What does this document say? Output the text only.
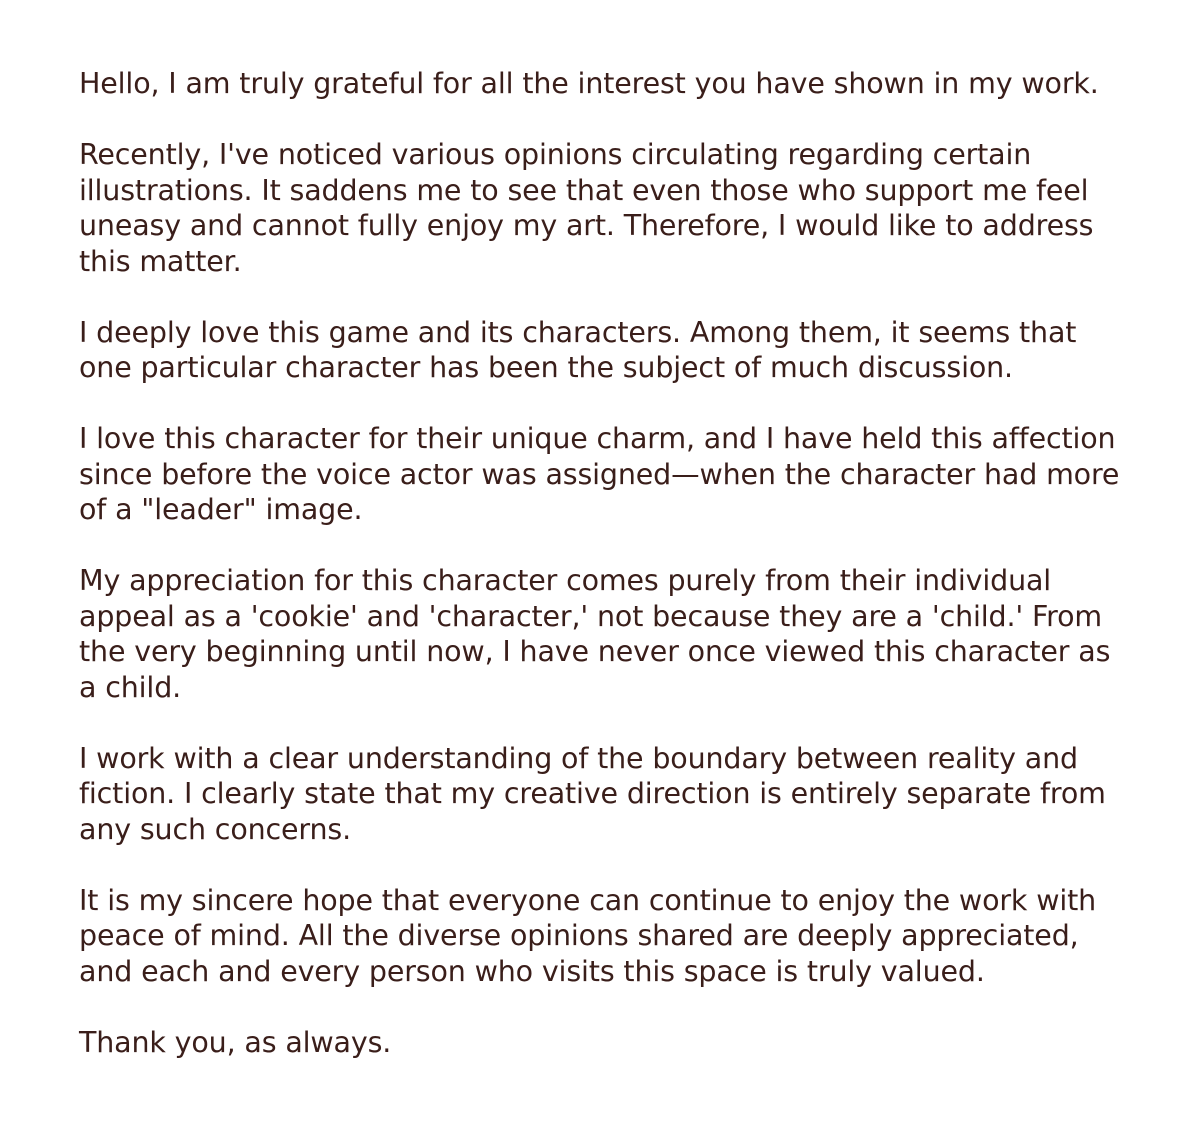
Hello, I am truly grateful for all the interest you have shown in my work.

Recently, I've noticed various opinions circulating regarding certain
illustrations. It saddens me to see that even those who support me feel
uneasy and cannot fully enjoy my art. Therefore, I would like to address
this matter.

I deeply love this game and its characters. Among them, it seems that
one particular character has been the subject of much discussion.

I love this character for their unique charm, and I have held this affection
since before the voice actor was assigned—when the character had more
of a "leader" image.

My appreciation for this character comes purely from their individual
appeal as a 'cookie' and 'character,' not because they are a 'child.' From
the very beginning until now, I have never once viewed this character as
a child.

I work with a clear understanding of the boundary between reality and
fiction. I clearly state that my creative direction is entirely separate from
any such concerns.

It is my sincere hope that everyone can continue to enjoy the work with
peace of mind. All the diverse opinions shared are deeply appreciated,
and each and every person who visits this space is truly valued.

Thank you, as always.
